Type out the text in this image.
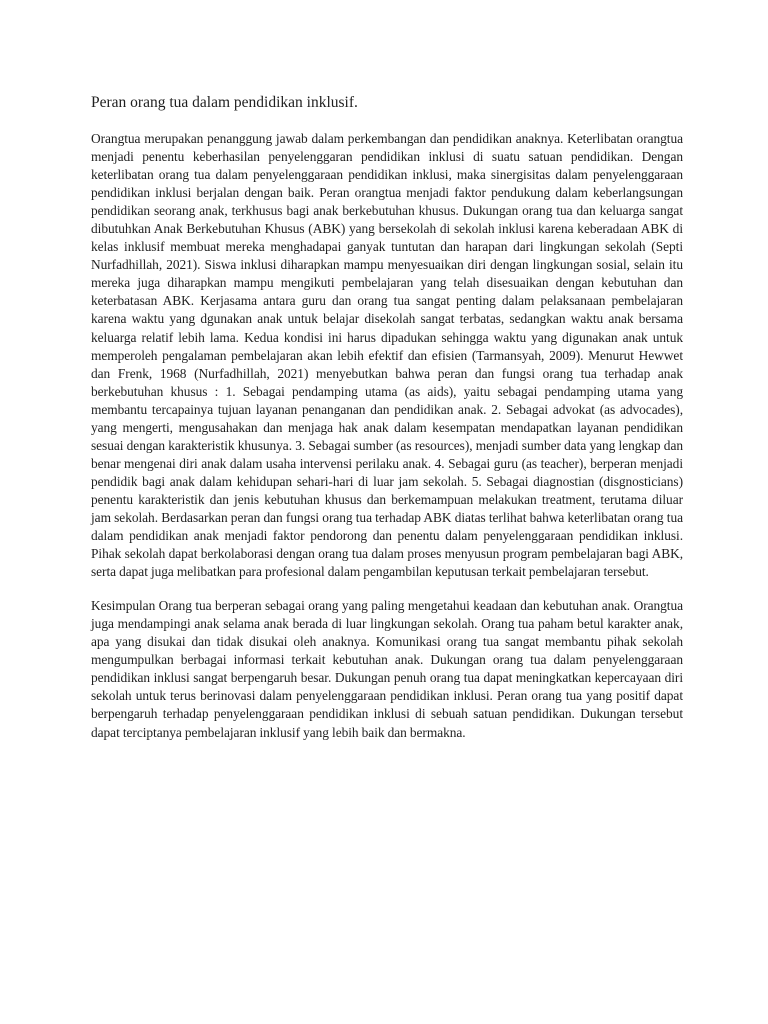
Peran orang tua dalam pendidikan inklusif.

Orangtua merupakan penanggung jawab dalam perkembangan dan pendidikan anaknya. Keterlibatan orangtua menjadi penentu keberhasilan penyelenggaran pendidikan inklusi di suatu satuan pendidikan. Dengan keterlibatan orang tua dalam penyelenggaraan pendidikan inklusi, maka sinergisitas dalam penyelenggaraan pendidikan inklusi berjalan dengan baik. Peran orangtua menjadi faktor pendukung dalam keberlangsungan pendidikan seorang anak, terkhusus bagi anak berkebutuhan khusus. Dukungan orang tua dan keluarga sangat dibutuhkan Anak Berkebutuhan Khusus (ABK) yang bersekolah di sekolah inklusi karena keberadaan ABK di kelas inklusif membuat mereka menghadapai ganyak tuntutan dan harapan dari lingkungan sekolah (Septi Nurfadhillah, 2021). Siswa inklusi diharapkan mampu menyesuaikan diri dengan lingkungan sosial, selain itu mereka juga diharapkan mampu mengikuti pembelajaran yang telah disesuaikan dengan kebutuhan dan keterbatasan ABK. Kerjasama antara guru dan orang tua sangat penting dalam pelaksanaan pembelajaran karena waktu yang dgunakan anak untuk belajar disekolah sangat terbatas, sedangkan waktu anak bersama keluarga relatif lebih lama. Kedua kondisi ini harus dipadukan sehingga waktu yang digunakan anak untuk memperoleh pengalaman pembelajaran akan lebih efektif dan efisien (Tarmansyah, 2009). Menurut Hewwet dan Frenk, 1968 (Nurfadhillah, 2021) menyebutkan bahwa peran dan fungsi orang tua terhadap anak berkebutuhan khusus : 1. Sebagai pendamping utama (as aids), yaitu sebagai pendamping utama yang membantu tercapainya tujuan layanan penanganan dan pendidikan anak. 2. Sebagai advokat (as advocades), yang mengerti, mengusahakan dan menjaga hak anak dalam kesempatan mendapatkan layanan pendidikan sesuai dengan karakteristik khusunya. 3. Sebagai sumber (as resources), menjadi sumber data yang lengkap dan benar mengenai diri anak dalam usaha intervensi perilaku anak. 4. Sebagai guru (as teacher), berperan menjadi pendidik bagi anak dalam kehidupan sehari-hari di luar jam sekolah. 5. Sebagai diagnostian (disgnosticians) penentu karakteristik dan jenis kebutuhan khusus dan berkemampuan melakukan treatment, terutama diluar jam sekolah. Berdasarkan peran dan fungsi orang tua terhadap ABK diatas terlihat bahwa keterlibatan orang tua dalam pendidikan anak menjadi faktor pendorong dan penentu dalam penyelenggaraan pendidikan inklusi. Pihak sekolah dapat berkolaborasi dengan orang tua dalam proses menyusun program pembelajaran bagi ABK, serta dapat juga melibatkan para profesional dalam pengambilan keputusan terkait pembelajaran tersebut.

Kesimpulan Orang tua berperan sebagai orang yang paling mengetahui keadaan dan kebutuhan anak. Orangtua juga mendampingi anak selama anak berada di luar lingkungan sekolah. Orang tua paham betul karakter anak, apa yang disukai dan tidak disukai oleh anaknya. Komunikasi orang tua sangat membantu pihak sekolah mengumpulkan berbagai informasi terkait kebutuhan anak. Dukungan orang tua dalam penyelenggaraan pendidikan inklusi sangat berpengaruh besar. Dukungan penuh orang tua dapat meningkatkan kepercayaan diri sekolah untuk terus berinovasi dalam penyelenggaraan pendidikan inklusi. Peran orang tua yang positif dapat berpengaruh terhadap penyelenggaraan pendidikan inklusi di sebuah satuan pendidikan. Dukungan tersebut dapat terciptanya pembelajaran inklusif yang lebih baik dan bermakna.
